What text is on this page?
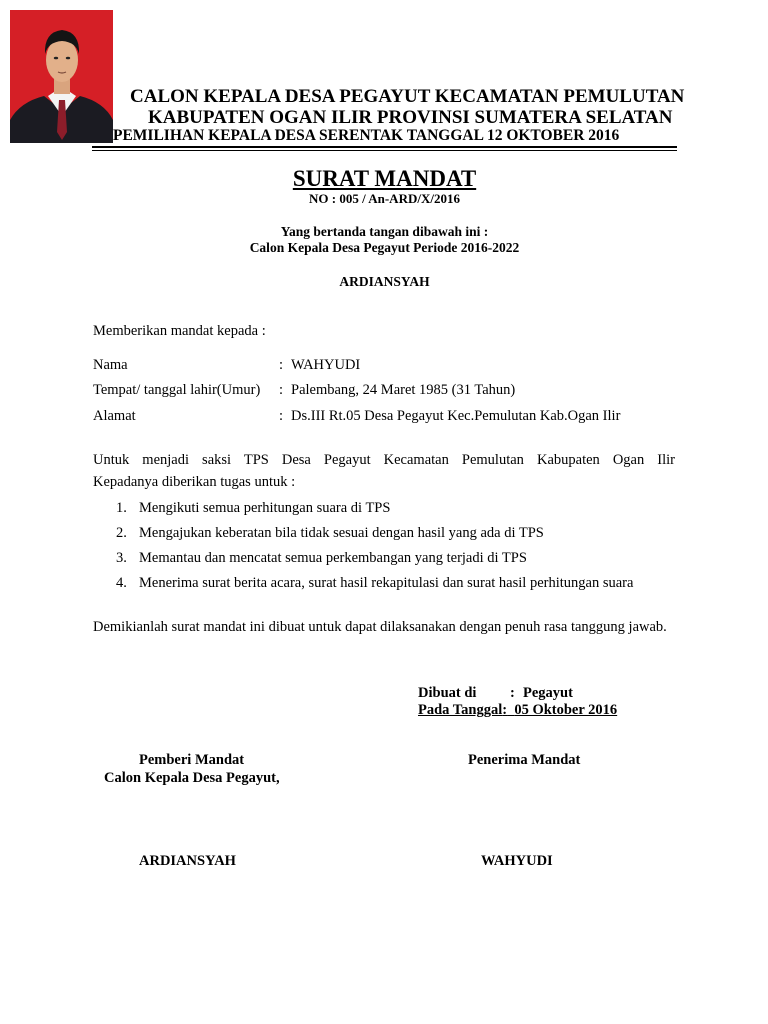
CALON KEPALA DESA PEGAYUT KECAMATAN PEMULUTAN
KABUPATEN OGAN ILIR PROVINSI SUMATERA SELATAN
PEMILIHAN KEPALA DESA SERENTAK TANGGAL 12 OKTOBER 2016
SURAT MANDAT
NO : 005 / An-ARD/X/2016
Yang bertanda tangan dibawah ini :
Calon Kepala Desa Pegayut Periode 2016-2022
ARDIANSYAH
Memberikan mandat kepada :
Nama	: WAHYUDI
Tempat/ tanggal lahir(Umur) : Palembang, 24 Maret 1985 (31 Tahun)
Alamat	: Ds.III Rt.05 Desa Pegayut Kec.Pemulutan Kab.Ogan Ilir
Untuk menjadi saksi TPS Desa Pegayut Kecamatan Pemulutan Kabupaten Ogan Ilir
Kepadanya diberikan tugas untuk :
1. Mengikuti semua perhitungan suara di TPS
2. Mengajukan keberatan bila tidak sesuai dengan hasil yang ada di TPS
3. Memantau dan mencatat semua perkembangan yang terjadi di TPS
4. Menerima surat berita acara, surat hasil rekapitulasi dan surat hasil perhitungan suara
Demikianlah surat mandat ini dibuat untuk dapat dilaksanakan dengan penuh rasa tanggung jawab.
Dibuat di : Pegayut
Pada Tanggal: 05 Oktober 2016
Pemberi Mandat
Calon Kepala Desa Pegayut,
Penerima Mandat
ARDIANSYAH	WAHYUDI
